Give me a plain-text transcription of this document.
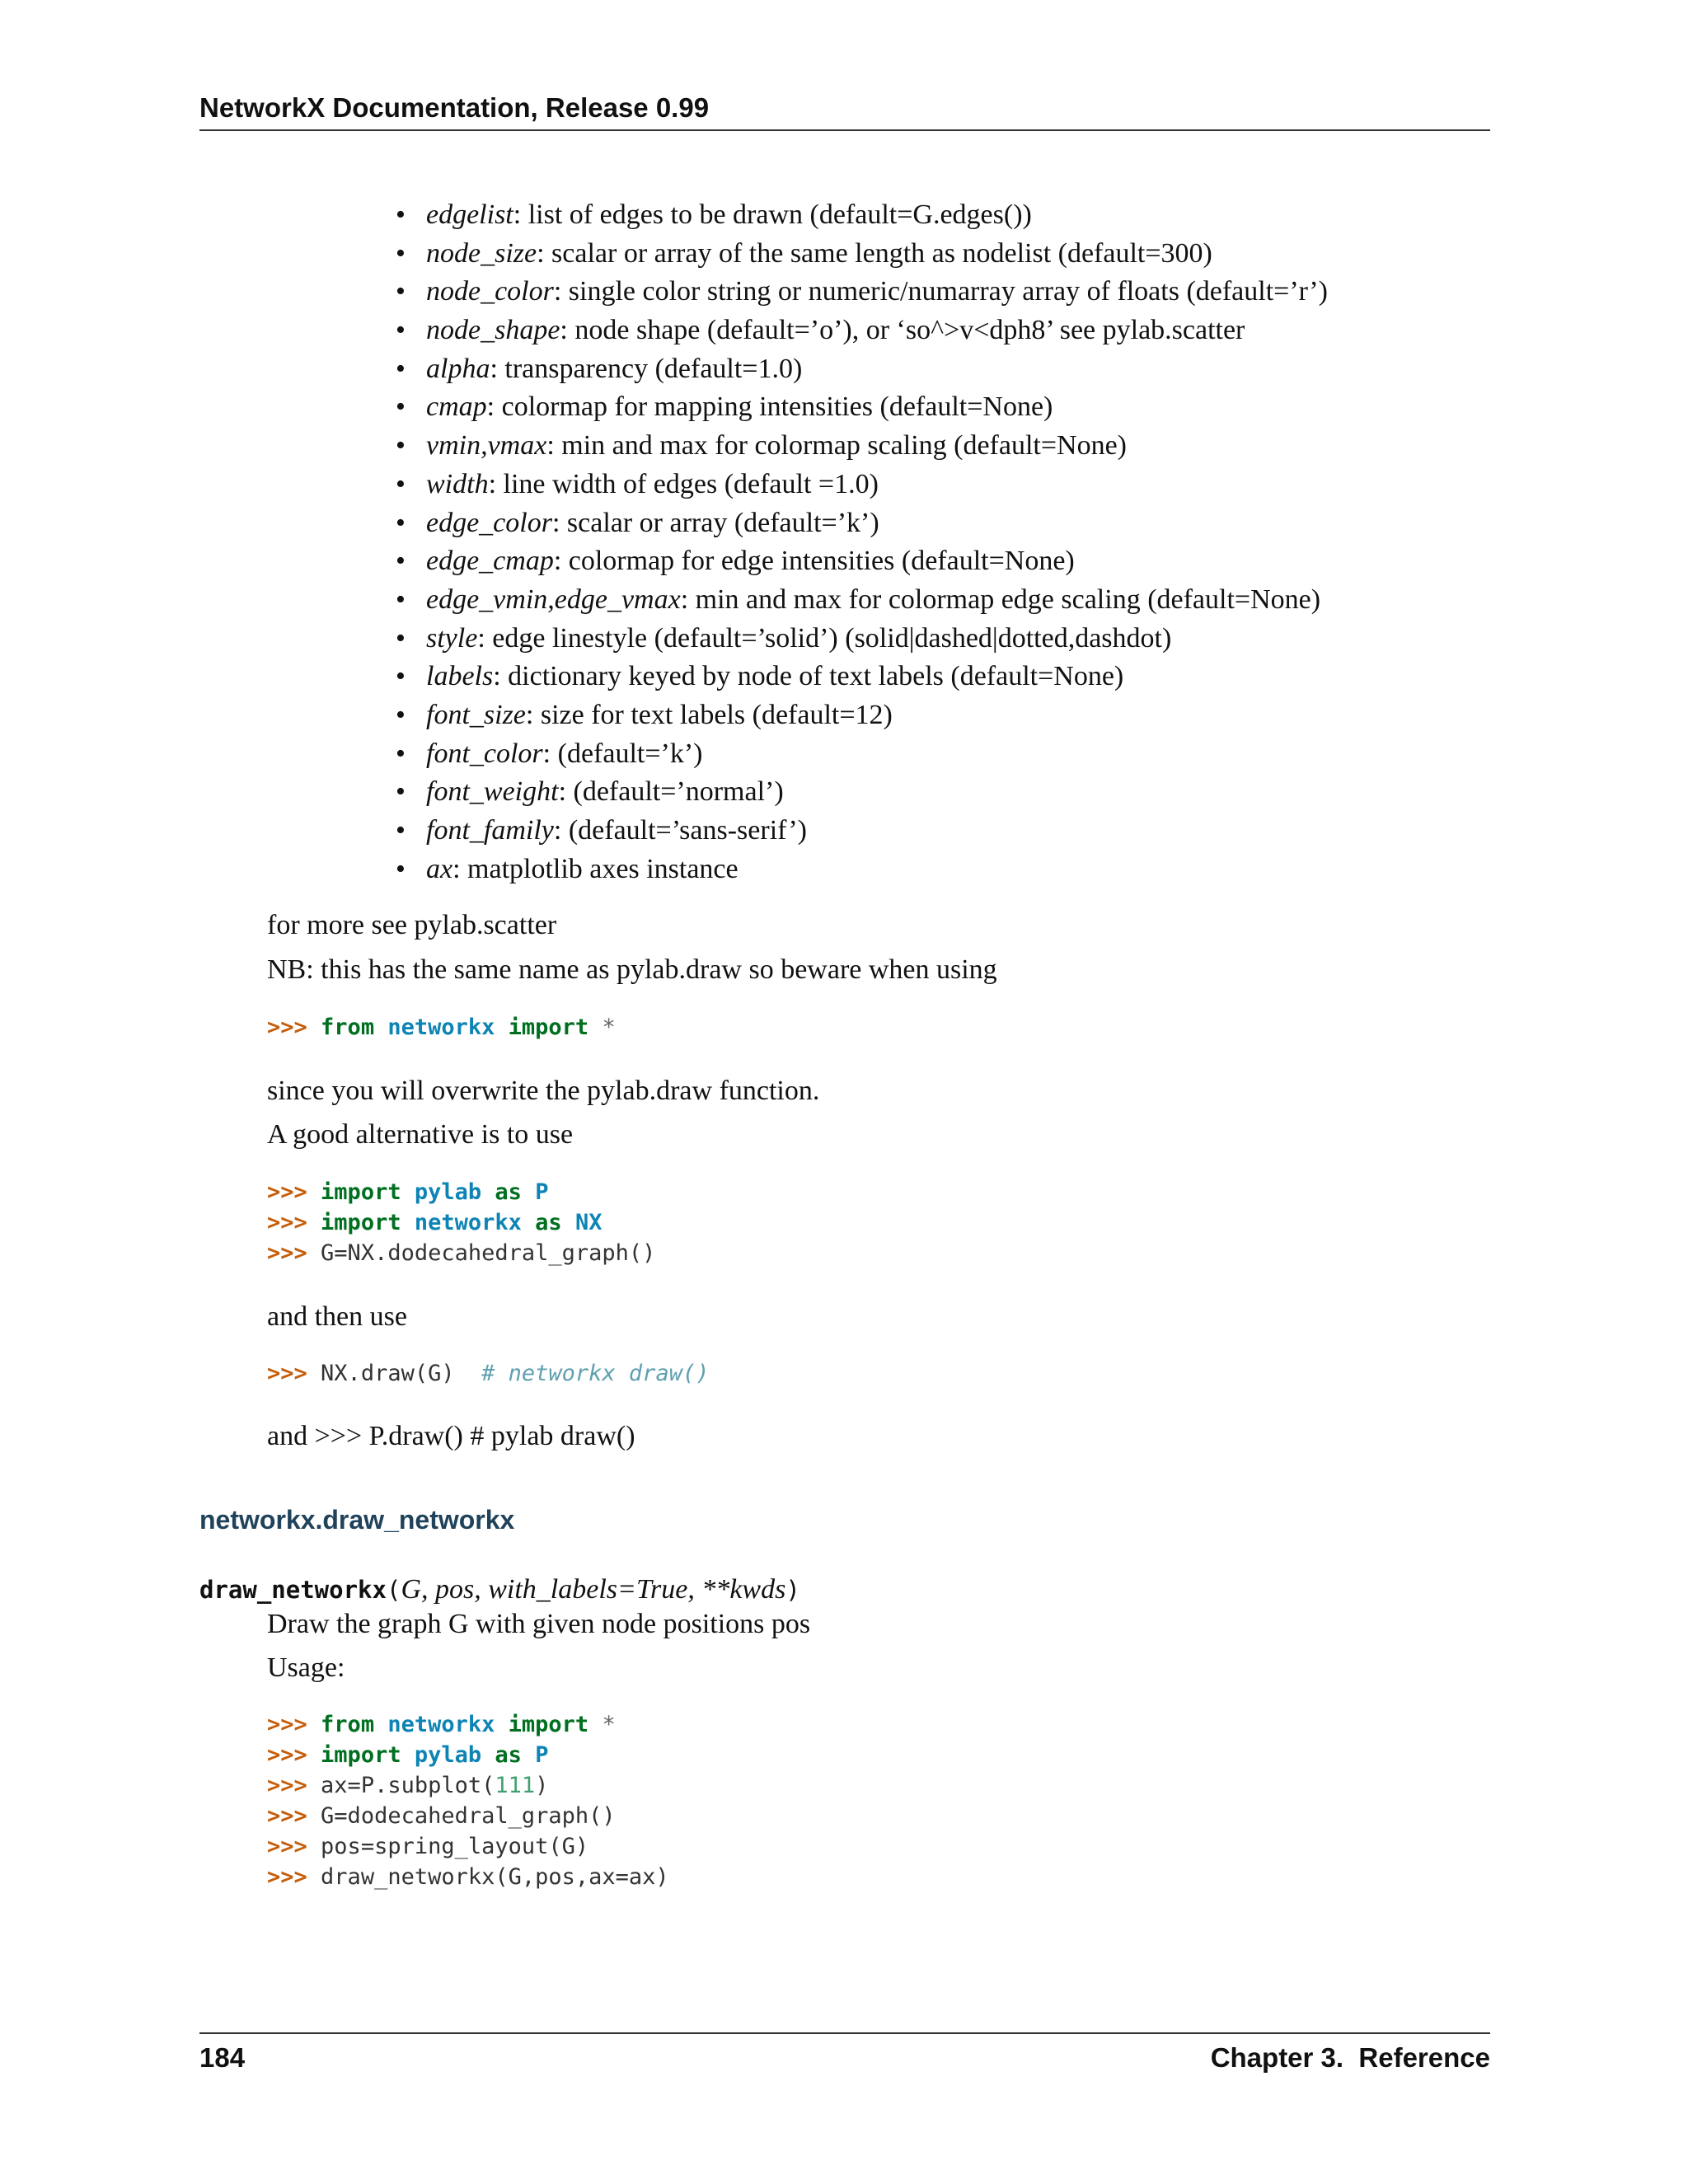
NetworkX Documentation, Release 0.99
• edgelist: list of edges to be drawn (default=G.edges())
• node_size: scalar or array of the same length as nodelist (default=300)
• node_color: single color string or numeric/numarray array of floats (default=’r’)
• node_shape: node shape (default=’o’), or ‘so^>v<dph8’ see pylab.scatter
• alpha: transparency (default=1.0)
• cmap: colormap for mapping intensities (default=None)
• vmin,vmax: min and max for colormap scaling (default=None)
• width: line width of edges (default =1.0)
• edge_color: scalar or array (default=’k’)
• edge_cmap: colormap for edge intensities (default=None)
• edge_vmin,edge_vmax: min and max for colormap edge scaling (default=None)
• style: edge linestyle (default=’solid’) (solid|dashed|dotted,dashdot)
• labels: dictionary keyed by node of text labels (default=None)
• font_size: size for text labels (default=12)
• font_color: (default=’k’)
• font_weight: (default=’normal’)
• font_family: (default=’sans-serif’)
• ax: matplotlib axes instance
for more see pylab.scatter
NB: this has the same name as pylab.draw so beware when using
>>> from networkx import *
since you will overwrite the pylab.draw function.
A good alternative is to use
>>> import pylab as P
>>> import networkx as NX
>>> G=NX.dodecahedral_graph()
and then use
>>> NX.draw(G) # networkx draw()
and >>> P.draw() # pylab draw()
networkx.draw_networkx
draw_networkx(G, pos, with_labels=True, **kwds)
Draw the graph G with given node positions pos
Usage:
>>> from networkx import *
>>> import pylab as P
>>> ax=P.subplot(111)
>>> G=dodecahedral_graph()
>>> pos=spring_layout(G)
>>> draw_networkx(G,pos,ax=ax)
184	Chapter 3.  Reference
